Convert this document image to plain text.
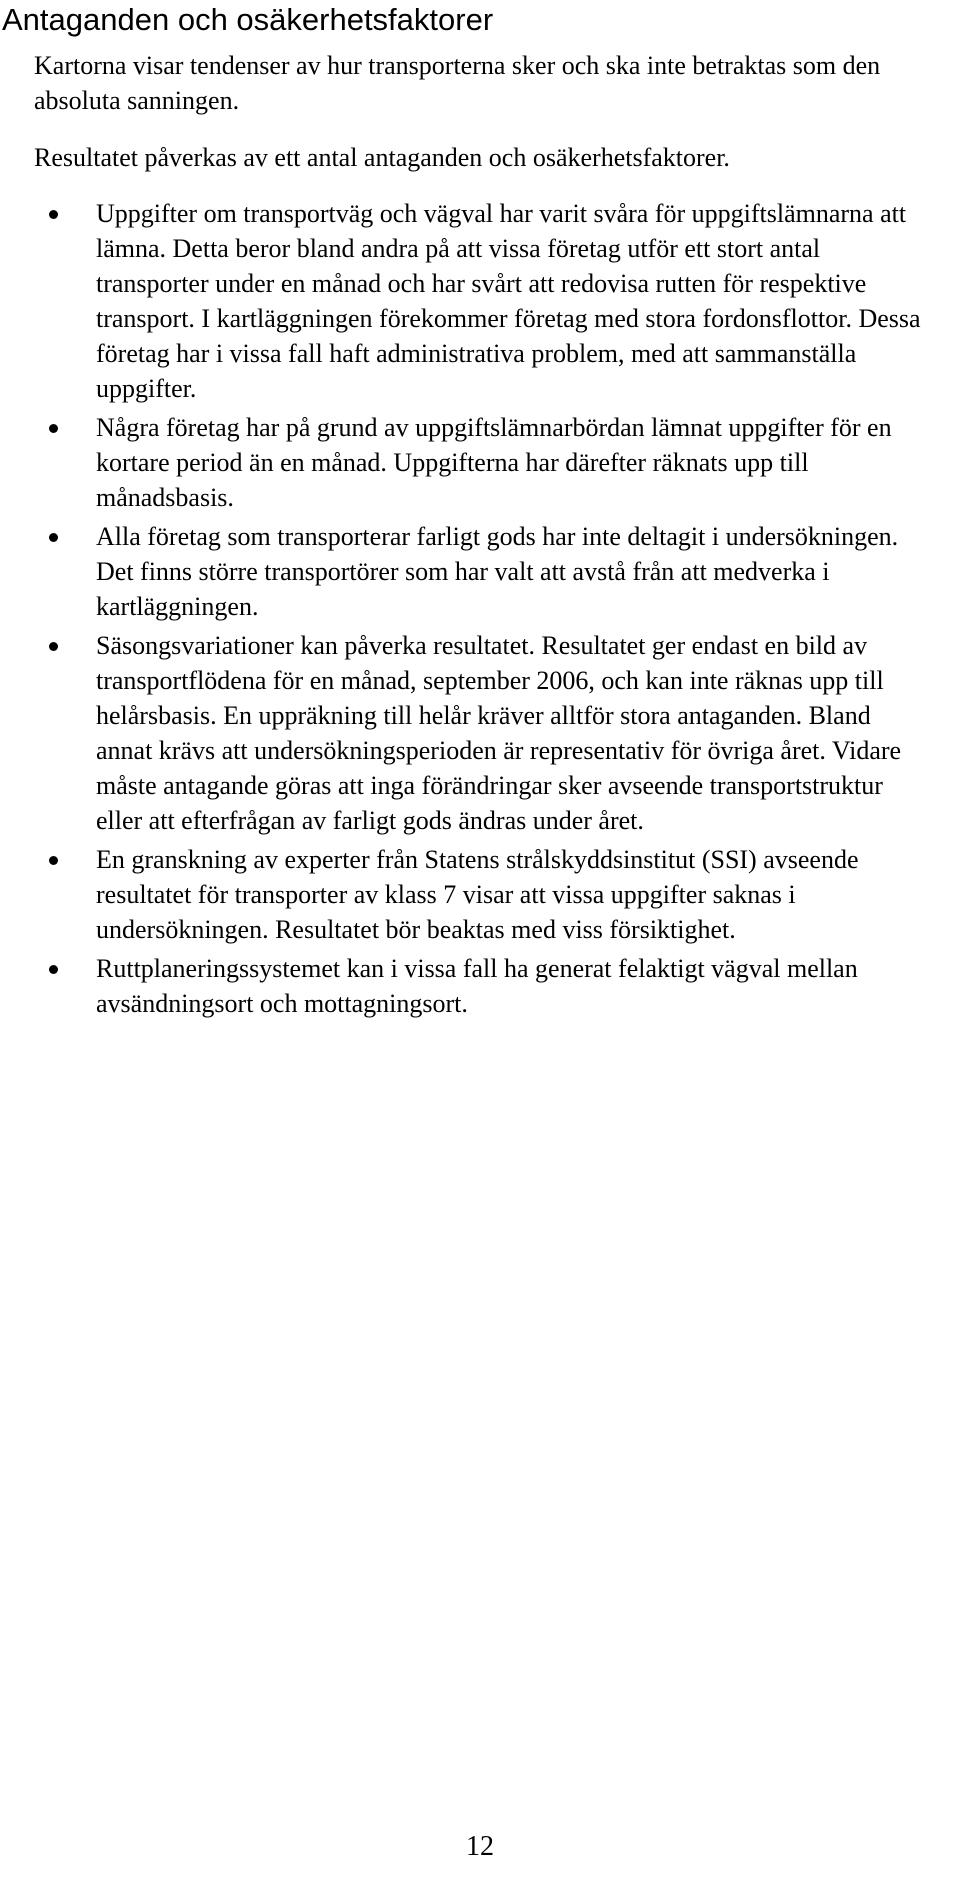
Antaganden och osäkerhetsfaktorer

Kartorna visar tendenser av hur transporterna sker och ska inte betraktas som den absoluta sanningen.

Resultatet påverkas av ett antal antaganden och osäkerhetsfaktorer.

Uppgifter om transportväg och vägval har varit svåra för uppgiftslämnarna att lämna. Detta beror bland andra på att vissa företag utför ett stort antal transporter under en månad och har svårt att redovisa rutten för respektive transport. I kartläggningen förekommer företag med stora fordonsflottor. Dessa företag har i vissa fall haft administrativa problem, med att sammanställa uppgifter.
Några företag har på grund av uppgiftslämnarbördan lämnat uppgifter för en kortare period än en månad. Uppgifterna har därefter räknats upp till månadsbasis.
Alla företag som transporterar farligt gods har inte deltagit i undersökningen. Det finns större transportörer som har valt att avstå från att medverka i kartläggningen.
Säsongsvariationer kan påverka resultatet. Resultatet ger endast en bild av transportflödena för en månad, september 2006, och kan inte räknas upp till helårsbasis. En uppräkning till helår kräver alltför stora antaganden. Bland annat krävs att undersökningsperioden är representativ för övriga året. Vidare måste antagande göras att inga förändringar sker avseende transportstruktur eller att efterfrågan av farligt gods ändras under året.
En granskning av experter från Statens strålskyddsinstitut (SSI) avseende resultatet för transporter av klass 7 visar att vissa uppgifter saknas i undersökningen. Resultatet bör beaktas med viss försiktighet.
Ruttplaneringssystemet kan i vissa fall ha generat felaktigt vägval mellan avsändningsort och mottagningsort.

12
